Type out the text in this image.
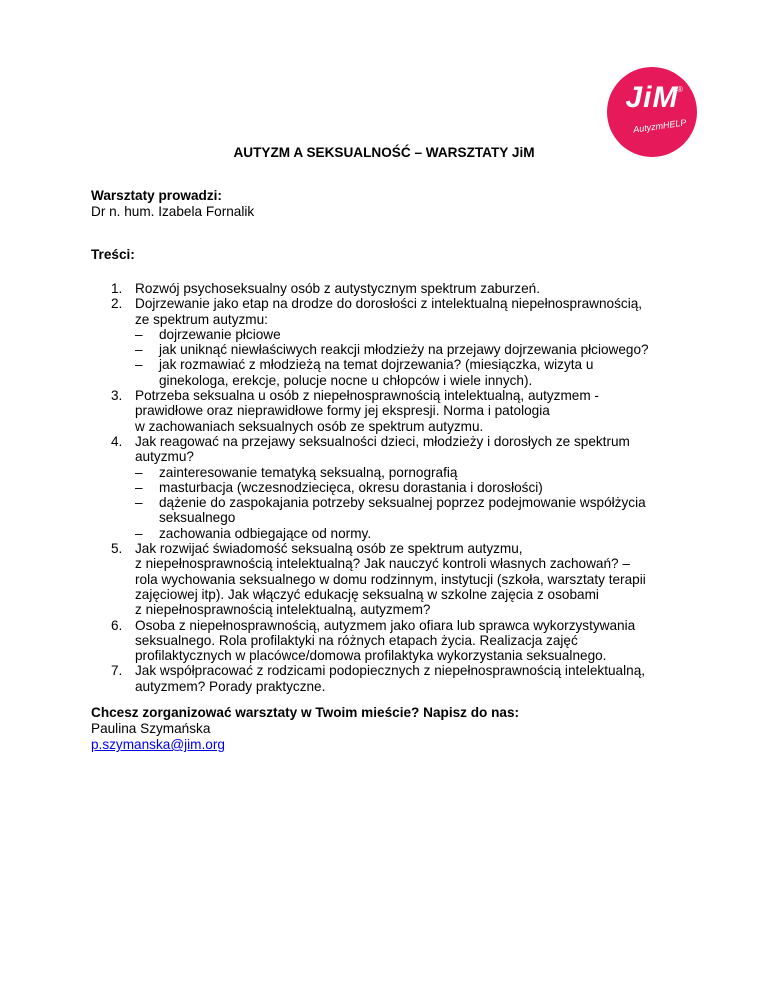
JiM
®
AutyzmHELP
AUTYZM A SEKSUALNOŚĆ – WARSZTATY JiM
Warsztaty prowadzi:
Dr n. hum. Izabela Fornalik
Treści:
1. Rozwój psychoseksualny osób z autystycznym spektrum zaburzeń.
2. Dojrzewanie jako etap na drodze do dorosłości z intelektualną niepełnosprawnością,
ze spektrum autyzmu:
– dojrzewanie płciowe
– jak uniknąć niewłaściwych reakcji młodzieży na przejawy dojrzewania płciowego?
– jak rozmawiać z młodzieżą na temat dojrzewania? (miesiączka, wizyta u
ginekologa, erekcje, polucje nocne u chłopców i wiele innych).
3. Potrzeba seksualna u osób z niepełnosprawnością intelektualną, autyzmem -
prawidłowe oraz nieprawidłowe formy jej ekspresji. Norma i patologia
w zachowaniach seksualnych osób ze spektrum autyzmu.
4. Jak reagować na przejawy seksualności dzieci, młodzieży i dorosłych ze spektrum
autyzmu?
– zainteresowanie tematyką seksualną, pornografią
– masturbacja (wczesnodziecięca, okresu dorastania i dorosłości)
– dążenie do zaspokajania potrzeby seksualnej poprzez podejmowanie współżycia
seksualnego
– zachowania odbiegające od normy.
5. Jak rozwijać świadomość seksualną osób ze spektrum autyzmu,
z niepełnosprawnością intelektualną? Jak nauczyć kontroli własnych zachowań? –
rola wychowania seksualnego w domu rodzinnym, instytucji (szkoła, warsztaty terapii
zajęciowej itp). Jak włączyć edukację seksualną w szkolne zajęcia z osobami
z niepełnosprawnością intelektualną, autyzmem?
6. Osoba z niepełnosprawnością, autyzmem jako ofiara lub sprawca wykorzystywania
seksualnego. Rola profilaktyki na różnych etapach życia. Realizacja zajęć
profilaktycznych w placówce/domowa profilaktyka wykorzystania seksualnego.
7. Jak współpracować z rodzicami podopiecznych z niepełnosprawnością intelektualną,
autyzmem? Porady praktyczne.
Chcesz zorganizować warsztaty w Twoim mieście? Napisz do nas:
Paulina Szymańska
p.szymanska@jim.org
